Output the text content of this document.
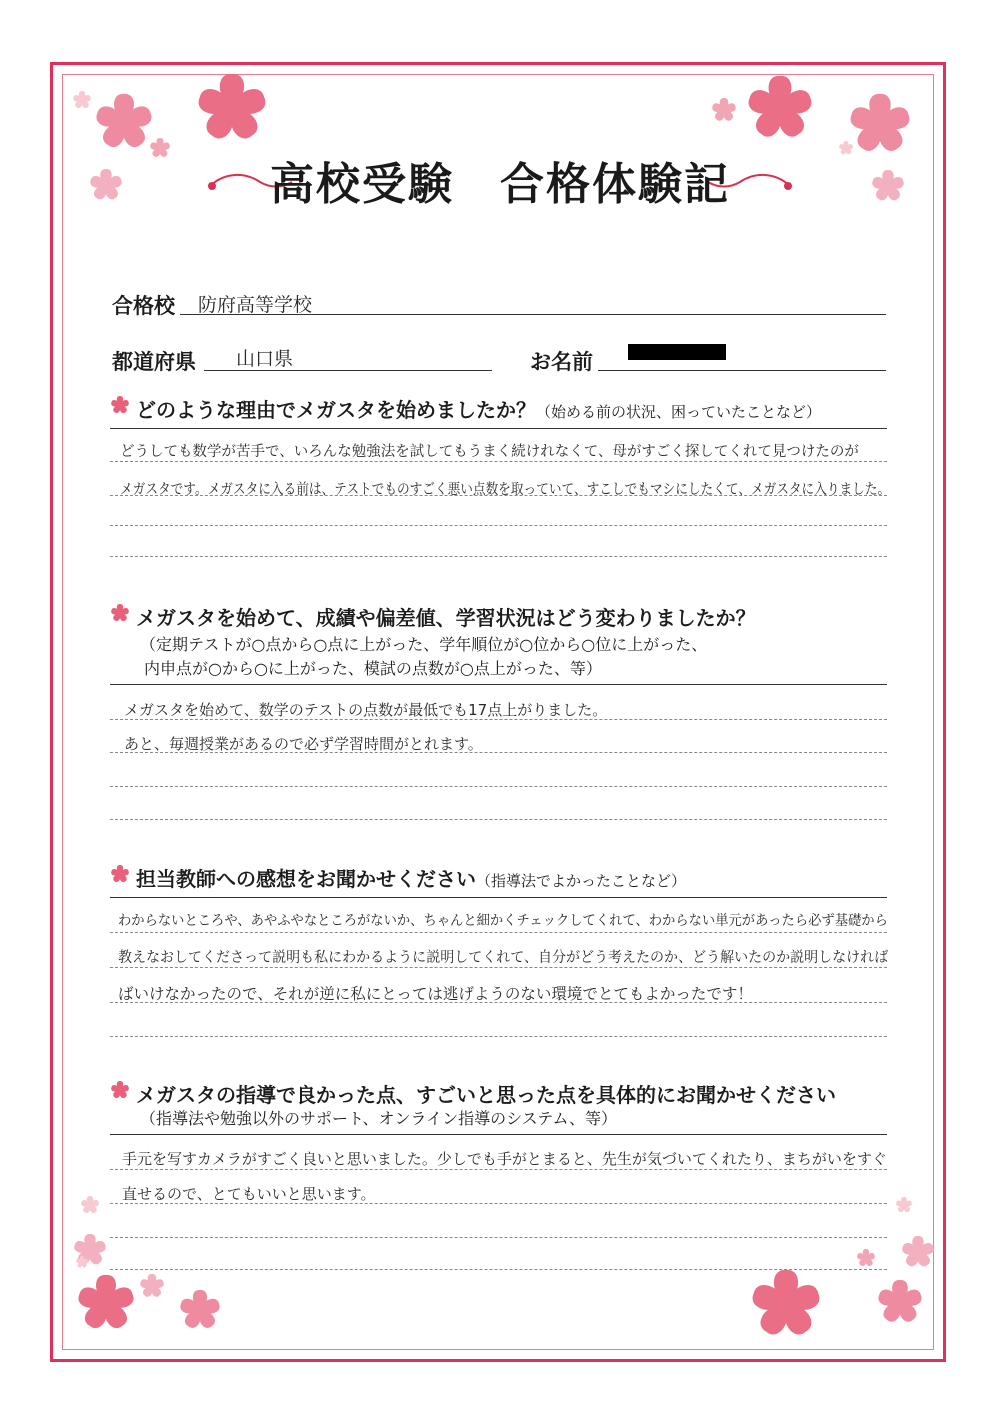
高校受験　合格体験記
合格校 防府高等学校
都道府県 山口県	お名前
どのような理由でメガスタを始めましたか？（始める前の状況、困っていたことなど）
どうしても数学が苦手で、いろんな勉強法を試してもうまく続けれなくて、母がすごく探してくれて見つけたのが
メガスタです。メガスタに入る前は、テストでものすごく悪い点数を取っていて、すこしでもマシにしたくて、メガスタに入りました。
メガスタを始めて、成績や偏差値、学習状況はどう変わりましたか？
（定期テストが○点から○点に上がった、学年順位が○位から○位に上がった、
内申点が○から○に上がった、模試の点数が○点上がった、等）
メガスタを始めて、数学のテストの点数が最低でも17点上がりました。
あと、毎週授業があるので必ず学習時間がとれます。
担当教師への感想をお聞かせください（指導法でよかったことなど）
わからないところや、あやふやなところがないか、ちゃんと細かくチェックしてくれて、わからない単元があったら必ず基礎から
教えなおしてくださって説明も私にわかるように説明してくれて、自分がどう考えたのか、どう解いたのか説明しなければ
ばいけなかったので、それが逆に私にとっては逃げようのない環境でとてもよかったです！
メガスタの指導で良かった点、すごいと思った点を具体的にお聞かせください
（指導法や勉強以外のサポート、オンライン指導のシステム、等）
手元を写すカメラがすごく良いと思いました。少しでも手がとまると、先生が気づいてくれたり、まちがいをすぐ
直せるので、とてもいいと思います。
